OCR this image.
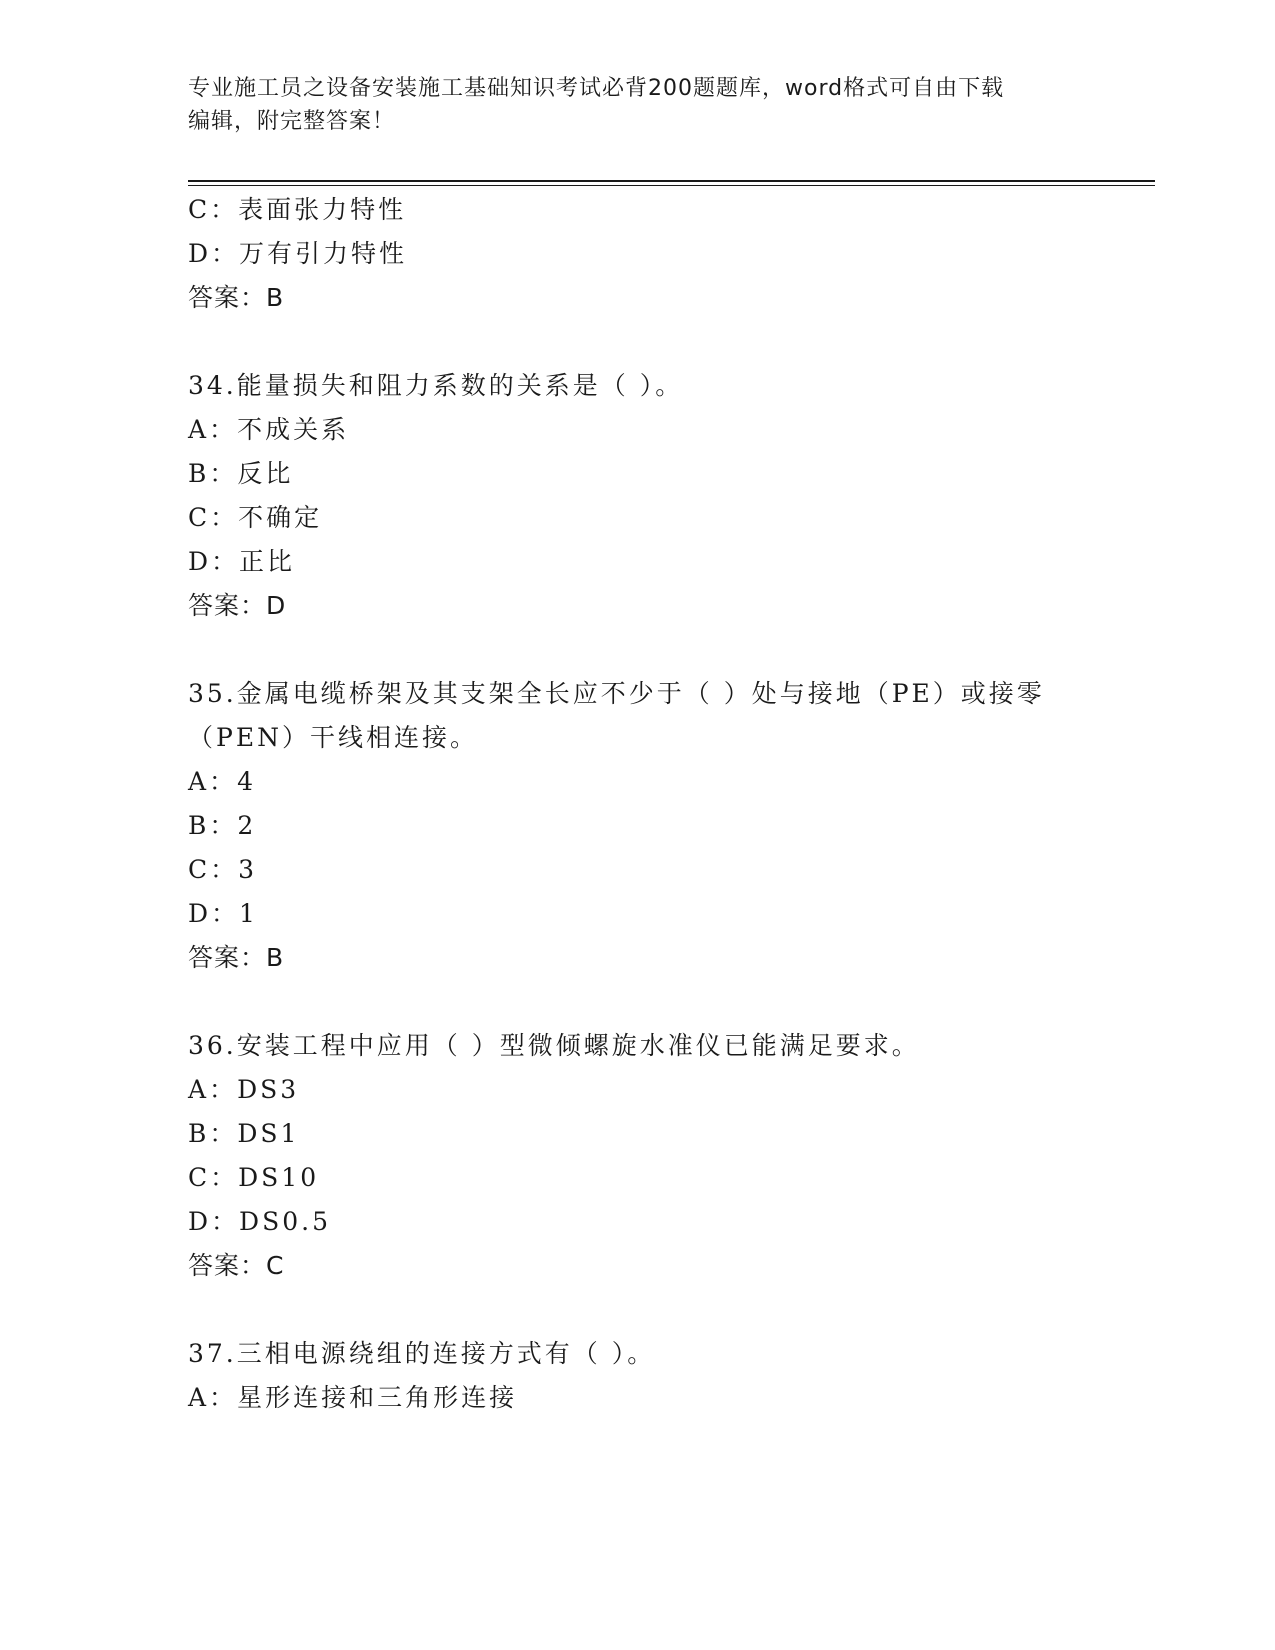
专业施工员之设备安装施工基础知识考试必背200题题库，word格式可自由下载
编辑，附完整答案！
C：表面张力特性
D：万有引力特性
答案：B
34.能量损失和阻力系数的关系是（ ）。
A：不成关系
B：反比
C：不确定
D：正比
答案：D
35.金属电缆桥架及其支架全长应不少于（ ）处与接地（PE）或接零
（PEN）干线相连接。
A：4
B：2
C：3
D：1
答案：B
36.安装工程中应用（ ）型微倾螺旋水准仪已能满足要求。
A：DS3
B：DS1
C：DS10
D：DS0.5
答案：C
37.三相电源绕组的连接方式有（ ）。
A：星形连接和三角形连接
